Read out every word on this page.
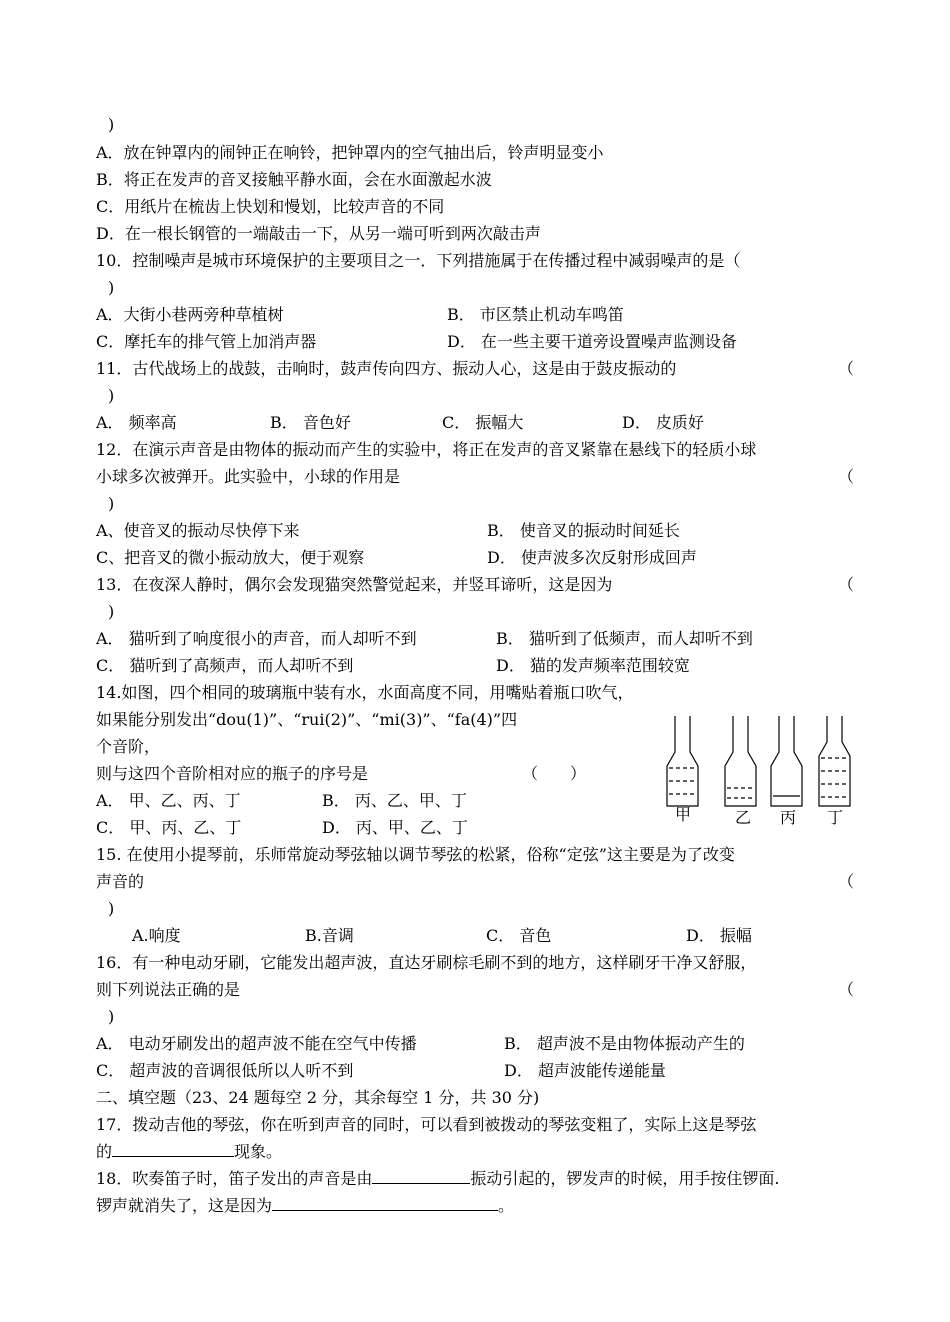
)
A．放在钟罩内的闹钟正在响铃，把钟罩内的空气抽出后，铃声明显变小
B．将正在发声的音叉接触平静水面，会在水面激起水波
C．用纸片在梳齿上快划和慢划，比较声音的不同
D．在一根长钢管的一端敲击一下，从另一端可听到两次敲击声
10．控制噪声是城市环境保护的主要项目之一．下列措施属于在传播过程中减弱噪声的是（
)
A．大街小巷两旁种草植树	B． 市区禁止机动车鸣笛
C．摩托车的排气管上加消声器	D． 在一些主要干道旁设置噪声监测设备
11．古代战场上的战鼓，击响时，鼓声传向四方、振动人心，这是由于鼓皮振动的	（
)
A． 频率高	B． 音色好	C． 振幅大	D． 皮质好
12．在演示声音是由物体的振动而产生的实验中，将正在发声的音叉紧靠在悬线下的轻质小球
小球多次被弹开。此实验中，小球的作用是	（
)
A、使音叉的振动尽快停下来	B． 使音叉的振动时间延长
C、把音叉的微小振动放大，便于观察	D． 使声波多次反射形成回声
13．在夜深人静时，偶尔会发现猫突然警觉起来，并竖耳谛听，这是因为	（
)
A． 猫听到了响度很小的声音，而人却听不到	B． 猫听到了低频声，而人却听不到
C． 猫听到了高频声，而人却听不到	D． 猫的发声频率范围较宽
14.如图，四个相同的玻璃瓶中装有水，水面高度不同，用嘴贴着瓶口吹气，
如果能分别发出“dou(1)”、“rui(2)”、“mi(3)”、“fa(4)”四
个音阶，
则与这四个音阶相对应的瓶子的序号是	（　　）
A． 甲、乙、丙、丁	B． 丙、乙、甲、丁
C． 甲、丙、乙、丁	D． 丙、甲、乙、丁
甲	乙 丙 丁
15. 在使用小提琴前，乐师常旋动琴弦轴以调节琴弦的松紧，俗称“定弦”这主要是为了改变
声音的	（
)
A.响度	B.音调	C． 音色	D． 振幅
16．有一种电动牙刷，它能发出超声波，直达牙刷棕毛刷不到的地方，这样刷牙干净又舒服，
则下列说法正确的是	（
)
A． 电动牙刷发出的超声波不能在空气中传播	B． 超声波不是由物体振动产生的
C． 超声波的音调很低所以人听不到	D． 超声波能传递能量
二、填空题（23、24 题每空 2 分，其余每空 1 分，共 30 分)
17．拨动吉他的琴弦，你在听到声音的同时，可以看到被拨动的琴弦变粗了，实际上这是琴弦
的	现象。
18．吹奏笛子时，笛子发出的声音是由	振动引起的，锣发声的时候，用手按住锣面.
锣声就消失了，这是因为	。
